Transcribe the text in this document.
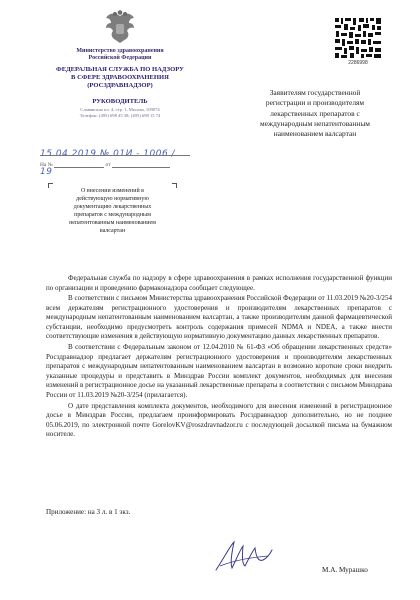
Министерство здравоохранения
Российской Федерации
ФЕДЕРАЛЬНАЯ СЛУЖБА ПО НАДЗОРУ
В СФЕРЕ ЗДРАВООХРАНЕНИЯ
(РОСЗДРАВНАДЗОР)
РУКОВОДИТЕЛЬ
Славянская пл. 4, стр. 1, Москва, 109074
Телефон: (495) 698 45 38; (495) 698 15 74
15.04.2019 № 01И - 1006 / 19
На №	от
О внесении изменений в
действующую нормативную
документацию лекарственных
препаратов с международным
непатентованным наименованием
валсартан
2286998
Заявителям государственной
регистрации и производителям
лекарственных препаратов с
международным непатентованным
наименованием валсартан

Федеральная служба по надзору в сфере здравоохранения в рамках исполнения государственной функции по организации и проведению фармаконадзора сообщает следующее.

В соответствии с письмом Министерства здравоохранения Российской Федерации от 11.03.2019 №20-3/254 всем держателям регистрационного удостоверения и производителям лекарственных препаратов с международным непатентованным наименованием валсартан, а также производителям данной фармацевтической субстанции, необходимо предусмотреть контроль содержания примесей NDMA и NDEA, а также внести соответствующие изменения в действующую нормативную документацию данных лекарственных препаратов.

В соответствии с Федеральным законом от 12.04.2010 № 61-ФЗ «Об обращении лекарственных средств» Росздравнадзор предлагает держателям регистрационного удостоверения и производителям лекарственных препаратов с международным непатентованным наименованием валсартан в возможно короткие сроки внедрить указанные процедуры и представить в Минздрав России комплект документов, необходимых для внесения изменений в регистрационное досье на указанный лекарственные препараты в соответствии с письмом Минздрава России от 11.03.2019 №20-3/254 (прилагается).

О дате представления комплекта документов, необходимого для внесения изменений в регистрационное досье в Минздрав России, предлагаем проинформировать Росздравнадзор дополнительно, но не позднее 05.06.2019, по электронной почте GorelovKV@roszdravnadzor.ru с последующей досылкой письма на бумажном носителе.

Приложение: на 3 л. в 1 экз.
М.А. Мурашко
